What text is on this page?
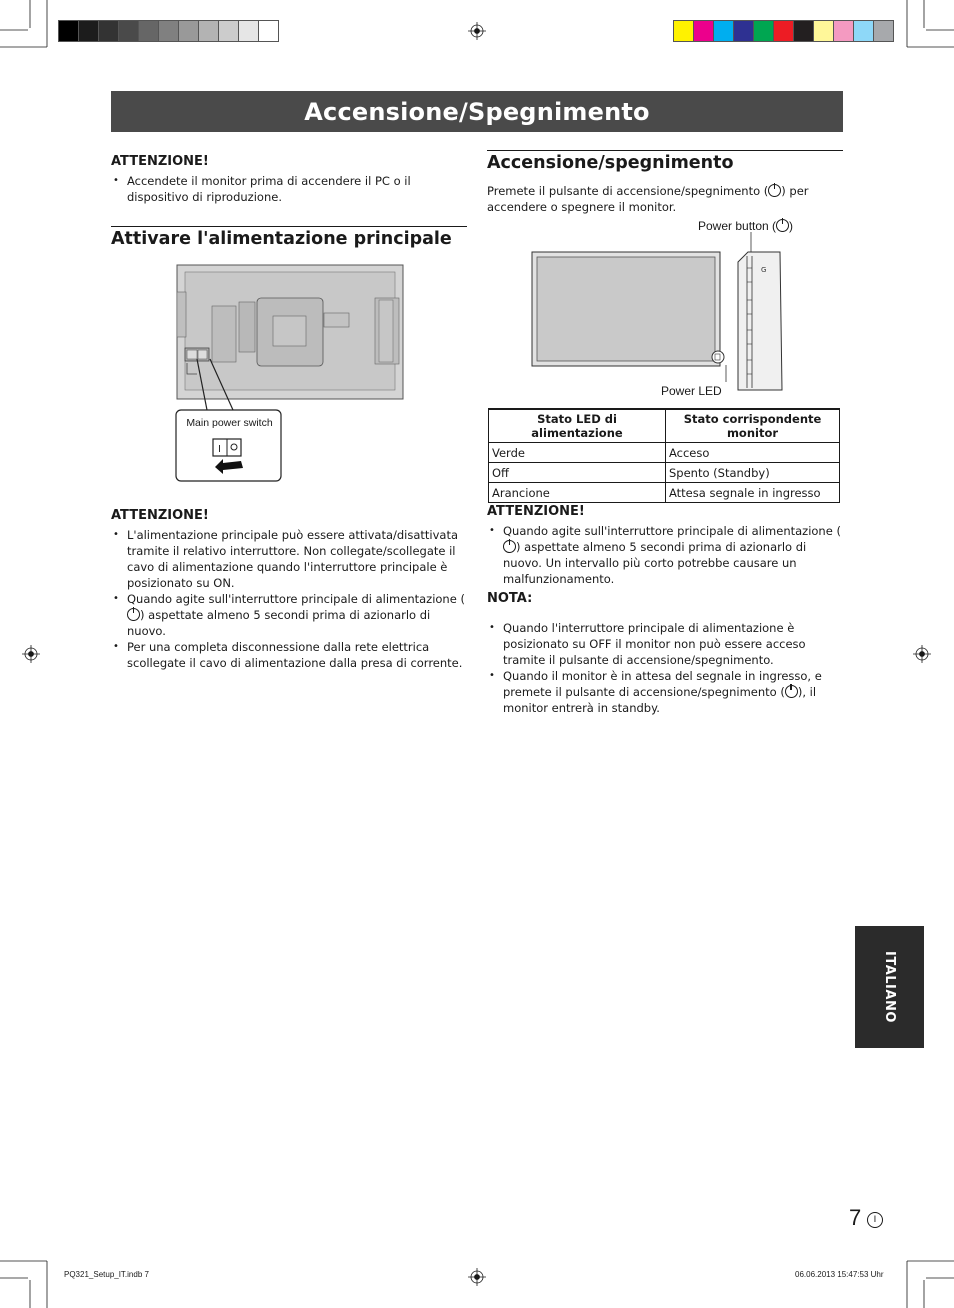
Accensione/Spegnimento
ATTENZIONE!
• Accendete il monitor prima di accendere il PC o il dispositivo di riproduzione.
Attivare l'alimentazione principale
I
Main power switch
ATTENZIONE!
• L'alimentazione principale può essere attivata/disattivata tramite il relativo interruttore. Non collegate/scollegate il cavo di alimentazione quando l'interruttore principale è posizionato su ON.
• Quando agite sull'interruttore principale di alimentazione () aspettate almeno 5 secondi prima di azionarlo di nuovo.
• Per una completa disconnessione dalla rete elettrica scollegate il cavo di alimentazione dalla presa di corrente.
Accensione/spegnimento
Premete il pulsante di accensione/spegnimento ( ) per accendere o spegnere il monitor.
Power button ( )
G
Power LED
Stato LED di alimentazione	Stato corrispondente monitor
Verde	Acceso
Off	Spento (Standby)
Arancione	Attesa segnale in ingresso
ATTENZIONE!
• Quando agite sull'interruttore principale di alimentazione () aspettate almeno 5 secondi prima di azionarlo di nuovo. Un intervallo più corto potrebbe causare un malfunzionamento.
NOTA:
• Quando l'interruttore principale di alimentazione è posizionato su OFF il monitor non può essere acceso tramite il pulsante di accensione/spegnimento.
• Quando il monitor è in attesa del segnale in ingresso, e premete il pulsante di accensione/spegnimento ( ), il monitor entrerà in standby.
ITALIANO
7 I
PQ321_Setup_IT.indb 7	06.06.2013 15:47:53 Uhr
